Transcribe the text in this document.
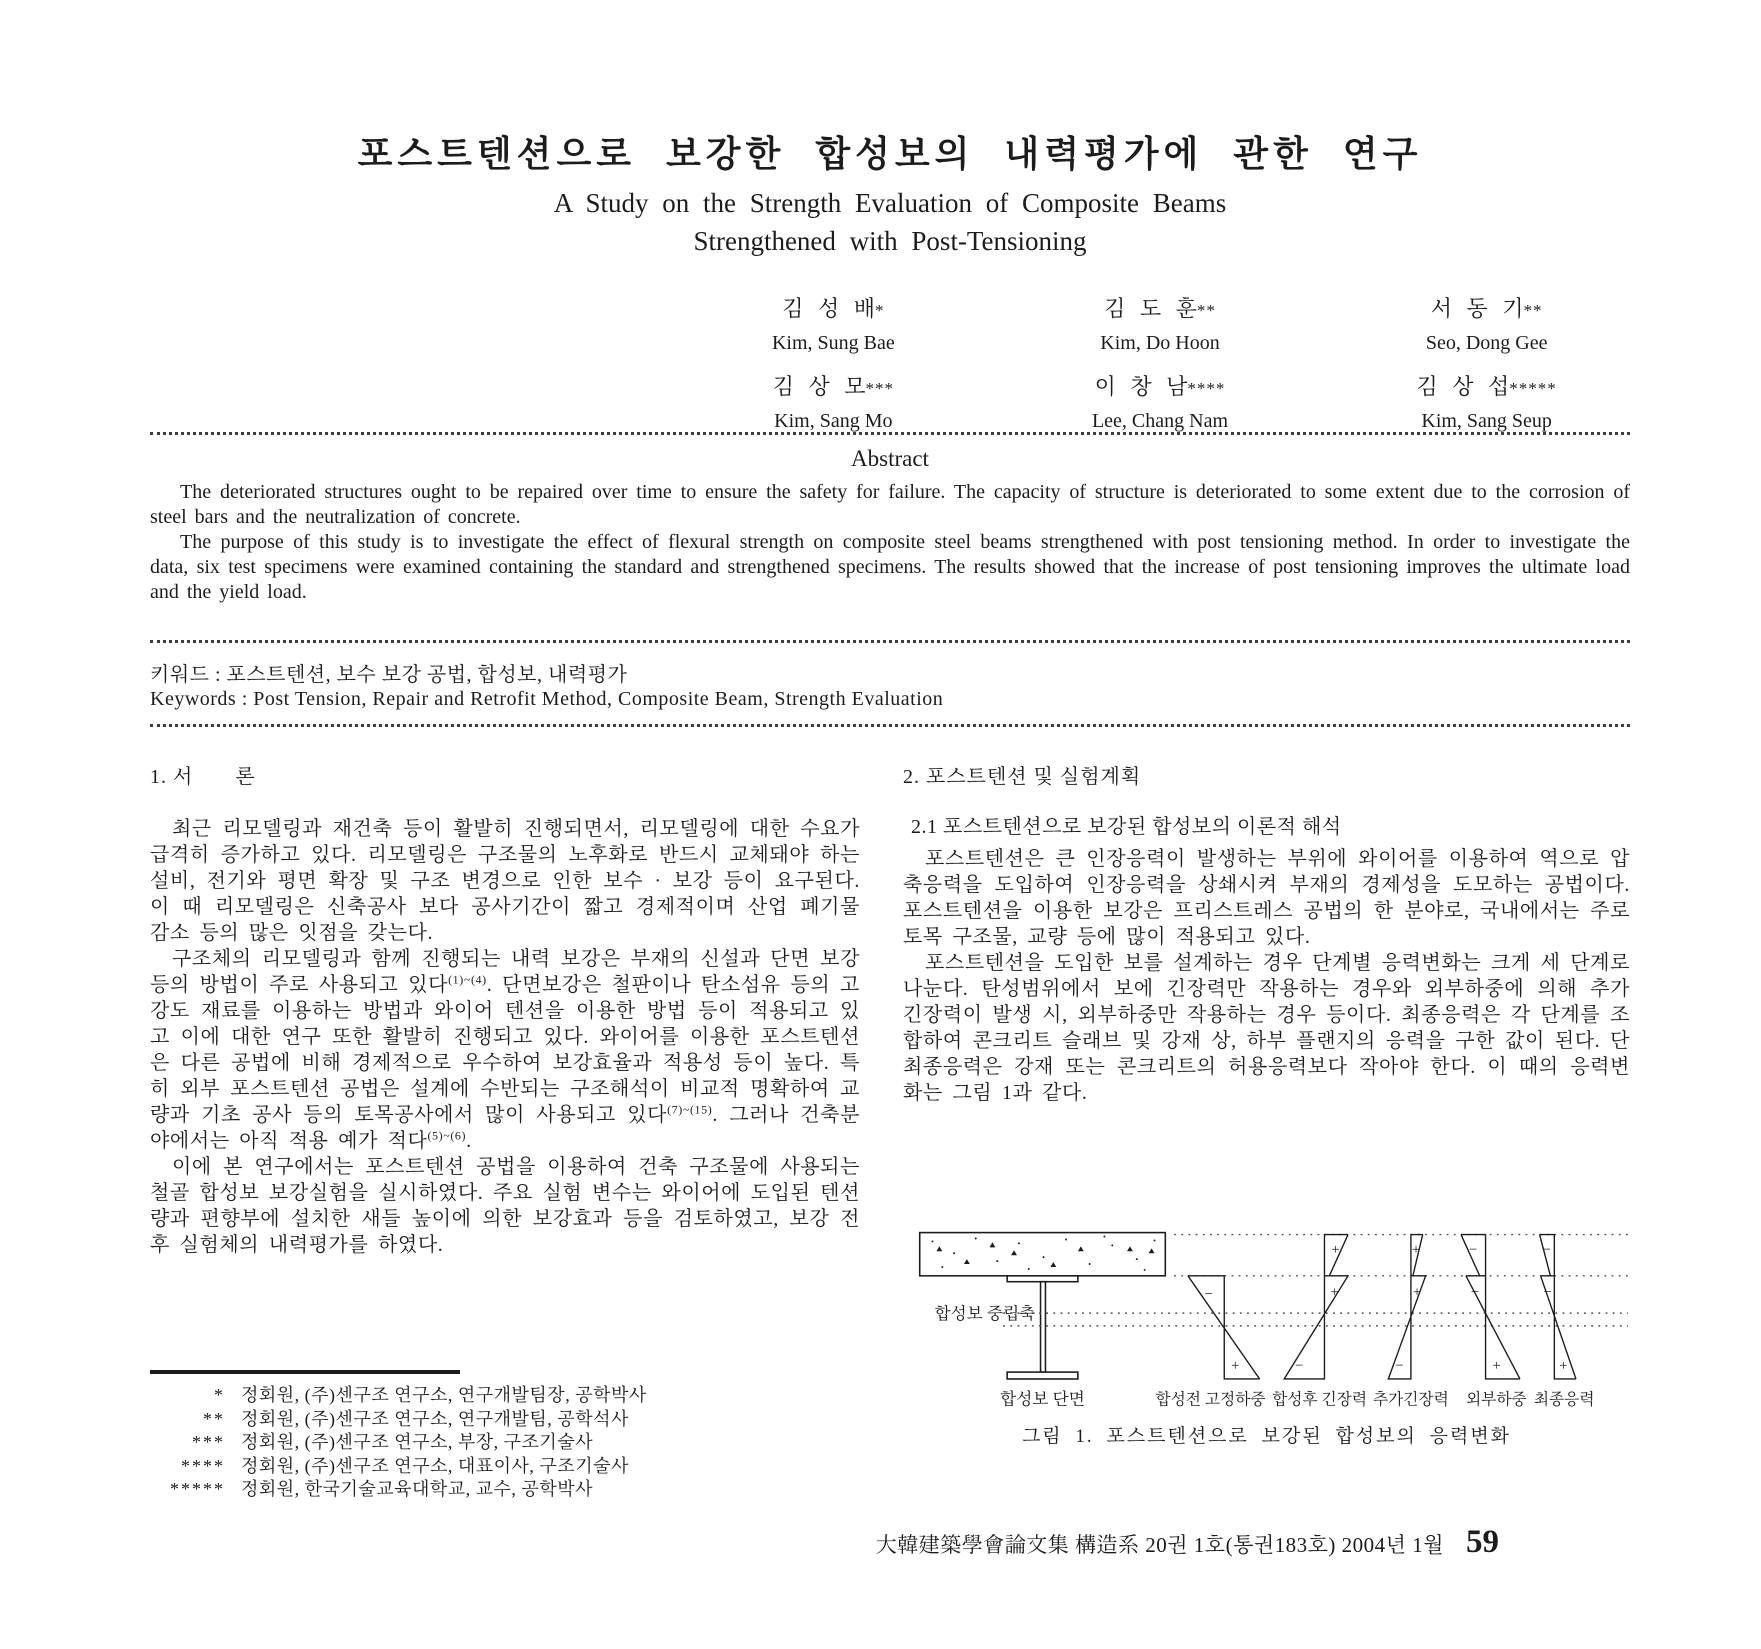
포스트텐션으로 보강한 합성보의 내력평가에 관한 연구
A Study on the Strength Evaluation of Composite Beams
Strengthened with Post-Tensioning
김 성 배*
Kim, Sung Bae
김 도 훈**
Kim, Do Hoon
서 동 기**
Seo, Dong Gee
김 상 모***
Kim, Sang Mo
이 창 남****
Lee, Chang Nam
김 상 섭*****
Kim, Sang Seup
Abstract

The deteriorated structures ought to be repaired over time to ensure the safety for failure. The capacity of structure is deteriorated to some extent due to the corrosion of steel bars and the neutralization of concrete.

The purpose of this study is to investigate the effect of flexural strength on composite steel beams strengthened with post tensioning method. In order to investigate the data, six test specimens were examined containing the standard and strengthened specimens. The results showed that the increase of post tensioning improves the ultimate load and the yield load.

키워드 : 포스트텐션, 보수 보강 공법, 합성보, 내력평가
Keywords : Post Tension, Repair and Retrofit Method, Composite Beam, Strength Evaluation

1. 서　　론

최근 리모델링과 재건축 등이 활발히 진행되면서, 리모델링에 대한 수요가 급격히 증가하고 있다. 리모델링은 구조물의 노후화로 반드시 교체돼야 하는 설비, 전기와 평면 확장 및 구조 변경으로 인한 보수 · 보강 등이 요구된다. 이 때 리모델링은 신축공사 보다 공사기간이 짧고 경제적이며 산업 폐기물 감소 등의 많은 잇점을 갖는다.

구조체의 리모델링과 함께 진행되는 내력 보강은 부재의 신설과 단면 보강 등의 방법이 주로 사용되고 있다$^{(1)\sim(4)}$. 단면보강은 철판이나 탄소섬유 등의 고강도 재료를 이용하는 방법과 와이어 텐션을 이용한 방법 등이 적용되고 있고 이에 대한 연구 또한 활발히 진행되고 있다. 와이어를 이용한 포스트텐션은 다른 공법에 비해 경제적으로 우수하여 보강효율과 적용성 등이 높다. 특히 외부 포스트텐션 공법은 설계에 수반되는 구조해석이 비교적 명확하여 교량과 기초 공사 등의 토목공사에서 많이 사용되고 있다$^{(7)\sim(15)}$. 그러나 건축분야에서는 아직 적용 예가 적다$^{(5)\sim(6)}$.

이에 본 연구에서는 포스트텐션 공법을 이용하여 건축 구조물에 사용되는 철골 합성보 보강실험을 실시하였다. 주요 실험 변수는 와이어에 도입된 텐션량과 편향부에 설치한 새들 높이에 의한 보강효과 등을 검토하였고, 보강 전후 실험체의 내력평가를 하였다.

* 정회원, (주)센구조 연구소, 연구개발팀장, 공학박사
** 정회원, (주)센구조 연구소, 연구개발팀, 공학석사
*** 정회원, (주)센구조 연구소, 부장, 구조기술사
**** 정회원, (주)센구조 연구소, 대표이사, 구조기술사
***** 정회원, 한국기술교육대학교, 교수, 공학박사

2. 포스트텐션 및 실험계획

2.1 포스트텐션으로 보강된 합성보의 이론적 해석

포스트텐션은 큰 인장응력이 발생하는 부위에 와이어를 이용하여 역으로 압축응력을 도입하여 인장응력을 상쇄시켜 부재의 경제성을 도모하는 공법이다. 포스트텐션을 이용한 보강은 프리스트레스 공법의 한 분야로, 국내에서는 주로 토목 구조물, 교량 등에 많이 적용되고 있다.

포스트텐션을 도입한 보를 설계하는 경우 단계별 응력변화는 크게 세 단계로 나눈다. 탄성범위에서 보에 긴장력만 작용하는 경우와 외부하중에 의해 추가 긴장력이 발생 시, 외부하중만 작용하는 경우 등이다. 최종응력은 각 단계를 조합하여 콘크리트 슬래브 및 강재 상, 하부 플랜지의 응력을 구한 값이 된다. 단 최종응력은 강재 또는 콘크리트의 허용응력보다 작아야 한다. 이 때의 응력변화는 그림 1과 같다.

−
+
+
+
−
+
+
−
−
−
+
−
−
+
합성보 중립축
합성보 단면	합성전 고정하중 합성후 긴장력 추가긴장력 외부하중 최종응력
그림 1. 포스트텐션으로 보강된 합성보의 응력변화
大韓建築學會論文集 構造系 20권 1호(통권183호) 2004년 1월 59
